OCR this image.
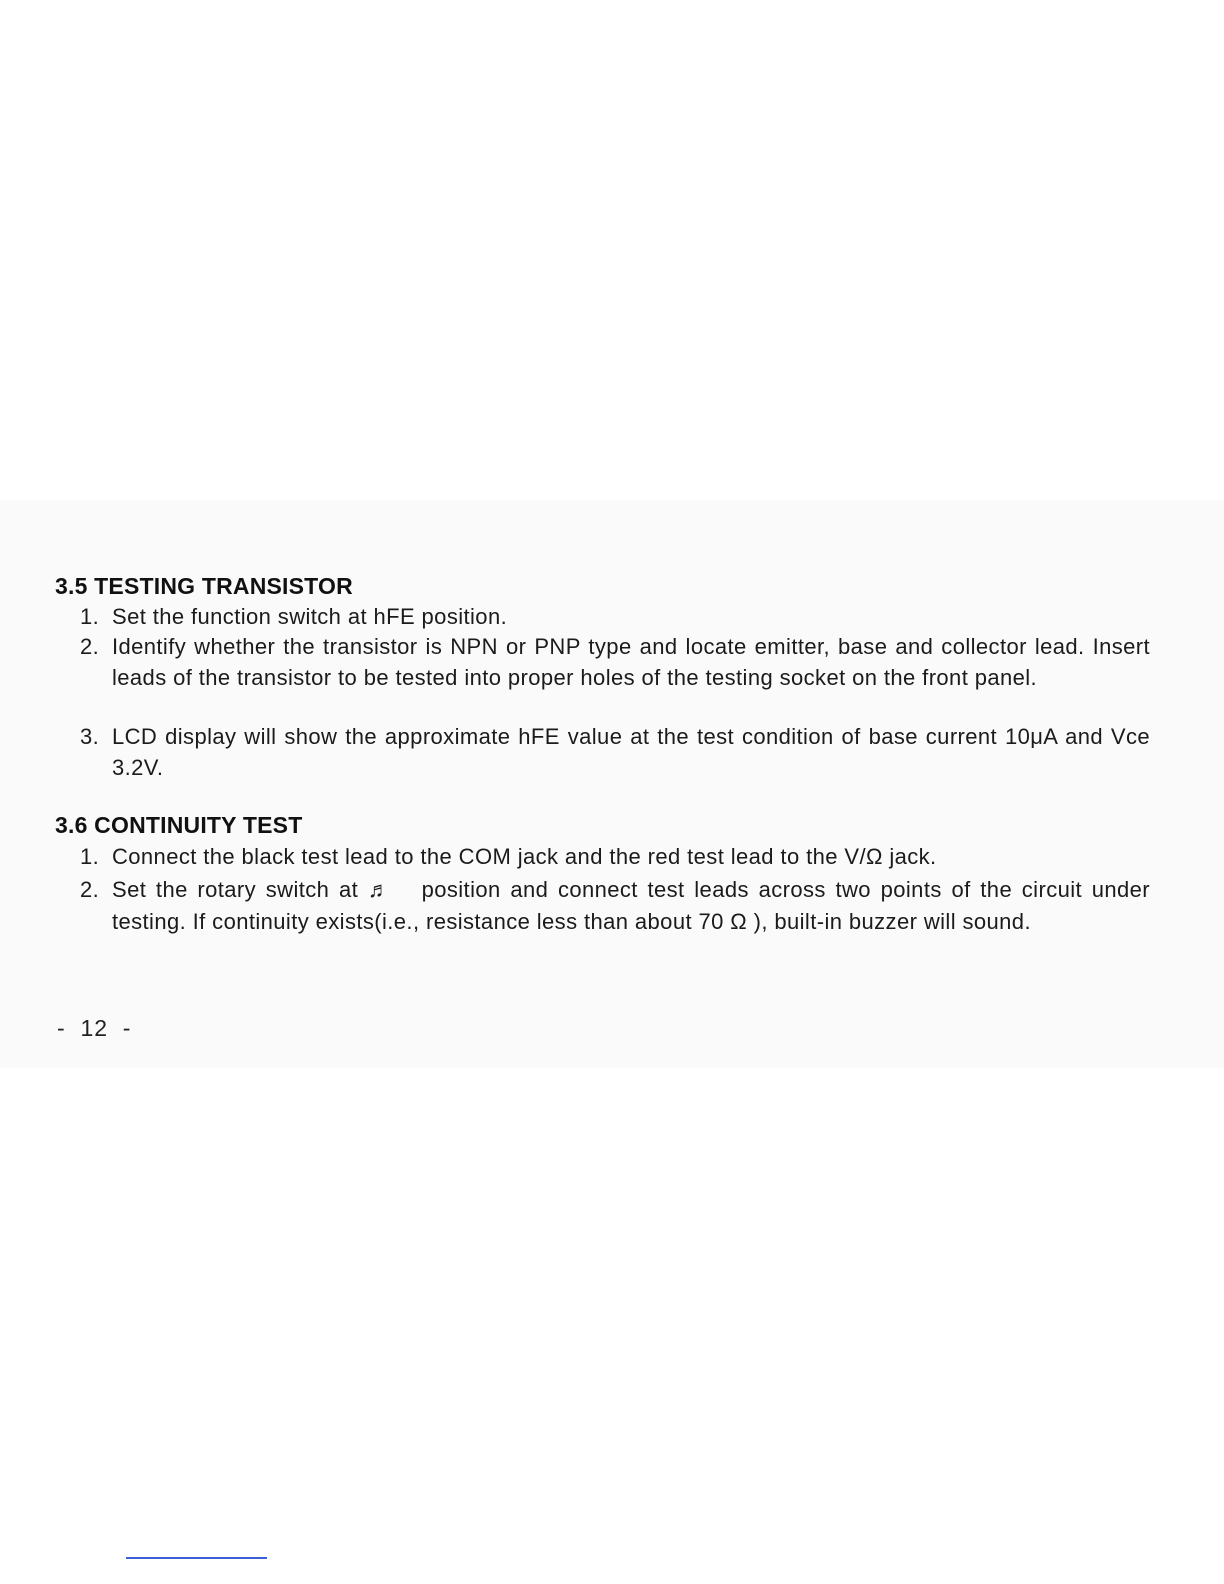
3.5 TESTING TRANSISTOR
1. Set the function switch at hFE position.
2. Identify whether the transistor is NPN or PNP type and locate emitter, base and collector lead. Insert leads of the transistor to be tested into proper holes of the testing socket on the front panel.
3. LCD display will show the approximate hFE value at the test condition of base current 10μA and Vce 3.2V.
3.6 CONTINUITY TEST
1. Connect the black test lead to the COM jack and the red test lead to the V/Ω jack.
2. Set the rotary switch at ♬ position and connect test leads across two points of the circuit under testing. If continuity exists(i.e., resistance less than about 70 Ω ), built-in buzzer will sound.
-  12  -
